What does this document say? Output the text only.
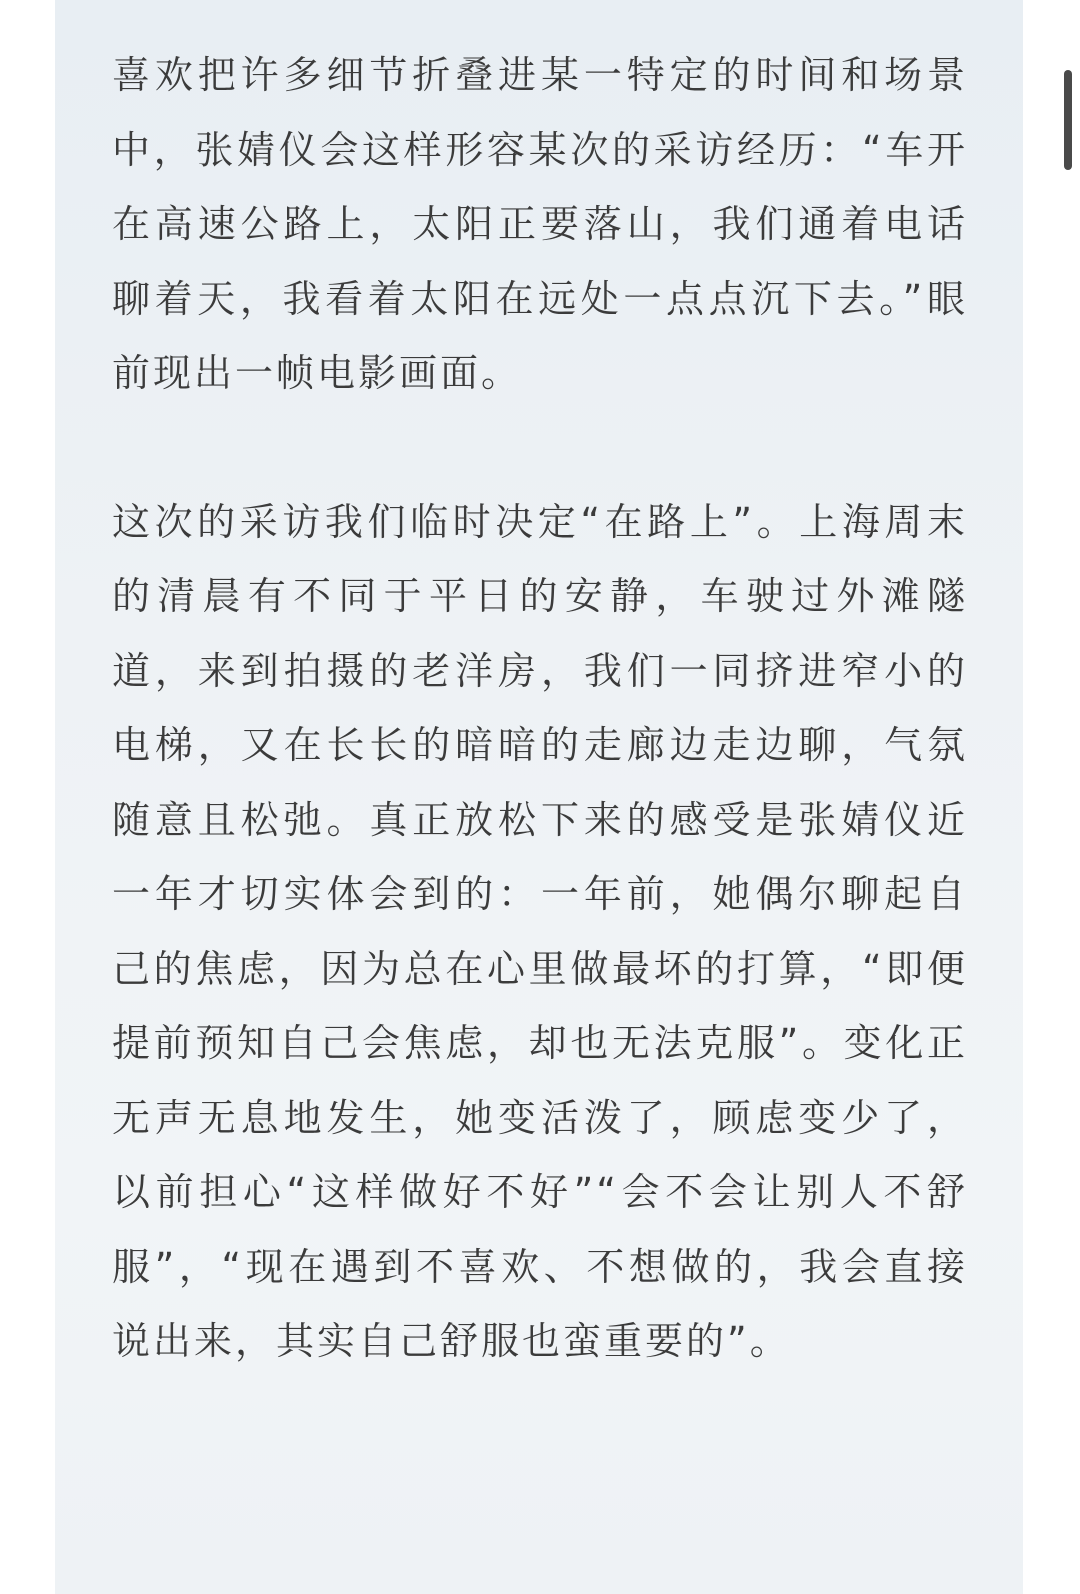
喜欢把许多细节折叠进某一特定的时间和场景中，张婧仪会这样形容某次的采访经历：“车开在高速公路上，太阳正要落山，我们通着电话聊着天，我看着太阳在远处一点点沉下去。”眼前现出一帧电影画面。

这次的采访我们临时决定“在路上”。上海周末的清晨有不同于平日的安静，车驶过外滩隧道，来到拍摄的老洋房，我们一同挤进窄小的电梯，又在长长的暗暗的走廊边走边聊，气氛随意且松弛。真正放松下来的感受是张婧仪近一年才切实体会到的：一年前，她偶尔聊起自己的焦虑，因为总在心里做最坏的打算，“即便提前预知自己会焦虑，却也无法克服”。变化正无声无息地发生，她变活泼了，顾虑变少了，以前担心“这样做好不好”“会不会让别人不舒服”，“现在遇到不喜欢、不想做的，我会直接说出来，其实自己舒服也蛮重要的”。
